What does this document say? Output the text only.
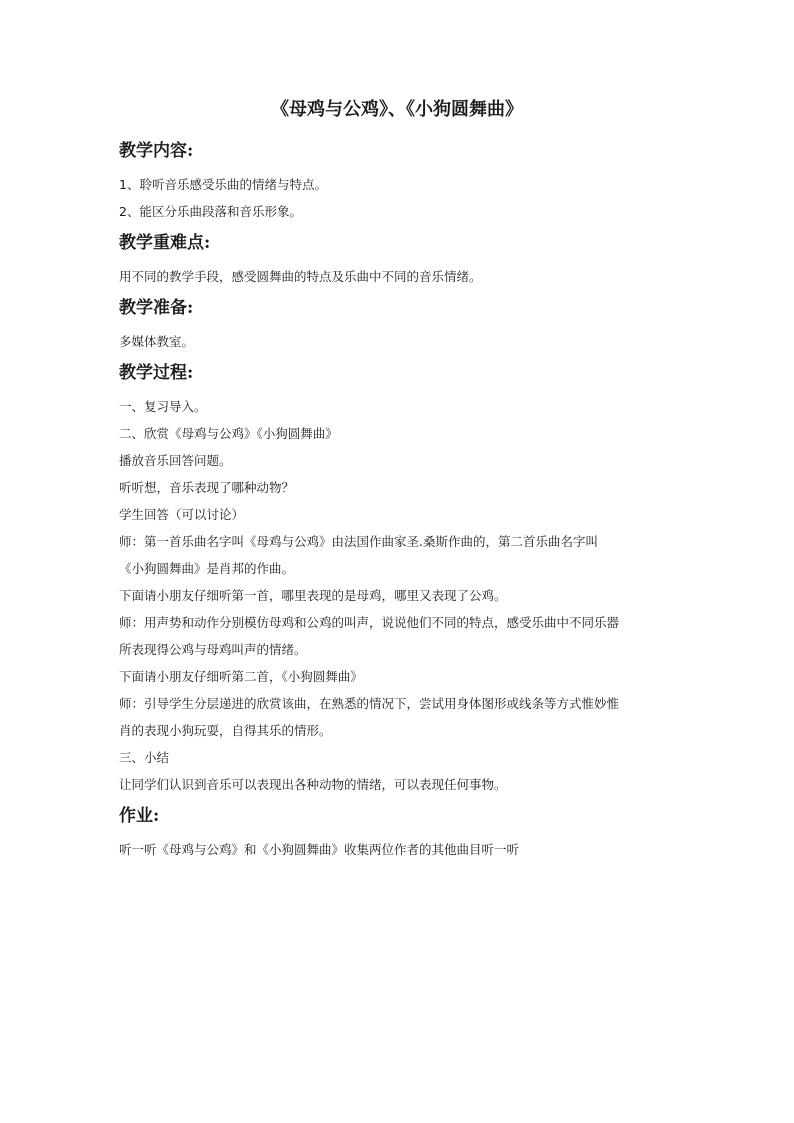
《母鸡与公鸡》、《小狗圆舞曲》
教学内容:

1、聆听音乐感受乐曲的情绪与特点。

2、能区分乐曲段落和音乐形象。

教学重难点:

用不同的教学手段，感受圆舞曲的特点及乐曲中不同的音乐情绪。

教学准备:

多媒体教室。

教学过程:

一、复习导入。

二、欣赏《母鸡与公鸡》《小狗圆舞曲》

播放音乐回答问题。

听听想，音乐表现了哪种动物？

学生回答（可以讨论）

师：第一首乐曲名字叫《母鸡与公鸡》由法国作曲家圣.桑斯作曲的，第二首乐曲名字叫

《小狗圆舞曲》是肖邦的作曲。

下面请小朋友仔细听第一首，哪里表现的是母鸡，哪里又表现了公鸡。

师：用声势和动作分别模仿母鸡和公鸡的叫声，说说他们不同的特点，感受乐曲中不同乐器

所表现得公鸡与母鸡叫声的情绪。

下面请小朋友仔细听第二首，《小狗圆舞曲》

师：引导学生分层递进的欣赏该曲，在熟悉的情况下，尝试用身体图形或线条等方式惟妙惟

肖的表现小狗玩耍，自得其乐的情形。

三、小结

让同学们认识到音乐可以表现出各种动物的情绪，可以表现任何事物。

作业:

听一听《母鸡与公鸡》和《小狗圆舞曲》收集两位作者的其他曲目听一听
